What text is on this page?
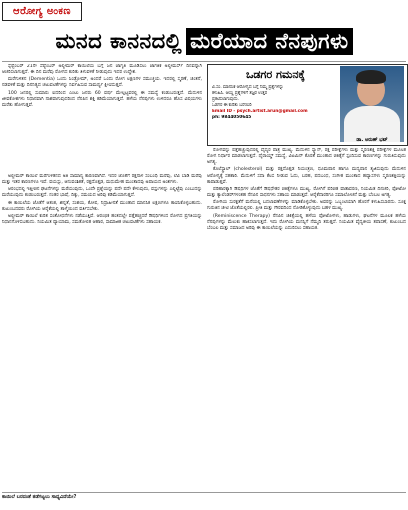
ಆರೋಗ್ಯ ಅಂಕಣ
ಮನದ ಕಾನನದಲ್ಲಿ ಮರೆಯಾದ ನೆನಪುಗಳು

ಸ್ಸೆಪ್ಟೆಂಬರ್ 21ನೇ ಸೆಪ್ಟೆಂಬರ್ ಅಲ್ಜೀಮರ್ ಕಾಯಿಲೆಯ ಬಗ್ಗೆ ಜನ ಜಾಗೃತಿ ಮೂಡಿಸಲು ಜಾಗತಿಕ ಅಲ್ಜೀಮರ್ಸ್ ದಿನವನ್ನಾಗಿ ಆಚರಿಸಲಾಗುತ್ತದೆ. ಈ ದಿನ ಮರೆವು ರೋಗದ ಕುರಿತು ತಿಳುವಳಿಕೆ ನೀಡುವುದು ಇದರ ಉದ್ದೇಶ.

ಮರೆಗುಳಿತನ (Dementia) ಒಂದು ಸಿಂಡ್ರೋಮ್, ಅಂದರೆ ಒಂದು ರೋಗ ಲಕ್ಷಣಗಳ ಸಮುಚ್ಚಯ. ಇದರಲ್ಲಿ ಸ್ಮರಣೆ, ಚಿಂತನೆ, ನಡವಳಿಕೆ ಮತ್ತು ದಿನನಿತ್ಯದ ಚಟುವಟಿಕೆಗಳನ್ನು ನಿರ್ವಹಿಸುವ ಸಾಮರ್ಥ್ಯ ಕ್ಷೀಣಿಸುತ್ತದೆ.

100 ಜನರಲ್ಲಿ ಸುಮಾರು ಐದರಿಂದ ಎಂಟು ಜನರು 60 ವರ್ಷ ಮೇಲ್ಪಟ್ಟವರಲ್ಲಿ ಈ ಸಮಸ್ಯೆ ಕಂಡುಬರುತ್ತದೆ. ಮೆದುಳಿನ ಜೀವಕೋಶಗಳು ನಿಧಾನವಾಗಿ ನಾಶವಾಗುವುದರಿಂದ ನೆನಪಿನ ಶಕ್ತಿ ಕಡಿಮೆಯಾಗುತ್ತದೆ. ಹಳೆಯ ನೆನಪುಗಳು ಉಳಿದರೂ ಹೊಸ ವಿಷಯಗಳು ಮರೆತು ಹೋಗುತ್ತವೆ.

ಅಲ್ಜೀಮರ್ ಕಾಯಿಲೆ ಮರೆಗುಳಿತನದ ಅತಿ ಸಾಮಾನ್ಯ ಕಾರಣವಾಗಿದೆ. ಇದರ ಜೊತೆಗೆ ರಕ್ತನಾಳ ಸಂಬಂಧಿ ಮರೆವು, ಲೆವಿ ಬಾಡಿ ಮರೆವು ಮತ್ತು ಇತರ ಕಾರಣಗಳೂ ಇವೆ. ವಯಸ್ಸು, ಆನುವಂಶಿಕತೆ, ರಕ್ತದೊತ್ತಡ, ಮಧುಮೇಹ ಮುಂತಾದವು ಅಪಾಯದ ಅಂಶಗಳು.

ಆರಂಭದಲ್ಲಿ ಇತ್ತೀಚಿನ ಘಟನೆಗಳನ್ನು ಮರೆಯುವುದು, ಒಂದೇ ಪ್ರಶ್ನೆಯನ್ನು ಪದೇ ಪದೇ ಕೇಳುವುದು, ವಸ್ತುಗಳನ್ನು ಎಲ್ಲಿಟ್ಟೆವು ಎಂಬುದನ್ನು ಮರೆಯುವುದು ಕಂಡುಬರುತ್ತದೆ. ನಂತರ ಭಾಷೆ, ದಿಕ್ಕು, ಸಮಯದ ಅರಿವು ಕಡಿಮೆಯಾಗುತ್ತದೆ.

ಈ ಕಾಯಿಲೆಯ ಜೊತೆಗೆ ಆತಂಕ, ಖಿನ್ನತೆ, ಸಂಶಯ, ಕೋಪ, ನಿದ್ರಾಹೀನತೆ ಮುಂತಾದ ಮಾನಸಿಕ ಲಕ್ಷಣಗಳೂ ಕಾಣಿಸಿಕೊಳ್ಳಬಹುದು. ಕುಟುಂಬದವರು ರೋಗಿಯ ಆರೈಕೆಯಲ್ಲಿ ತಾಳ್ಮೆಯಿಂದ ವರ್ತಿಸಬೇಕು.

ಅಲ್ಜೀಮರ್ ಕಾಯಿಲೆ ಕುರಿತ ಸಂಶೋಧನೆಗಳು ನಡೆಯುತ್ತಿವೆ. ಆರಂಭಿಕ ಹಂತದಲ್ಲೇ ಪತ್ತೆಹಚ್ಚಿದರೆ ಔಷಧಿಗಳಿಂದ ರೋಗದ ಪ್ರಗತಿಯನ್ನು ನಿಧಾನಗೊಳಿಸಬಹುದು. ನಿಯಮಿತ ವ್ಯಾಯಾಮ, ಸಮತೋಲಿತ ಆಹಾರ, ಸಾಮಾಜಿಕ ಚಟುವಟಿಕೆಗಳು ಸಹಾಯಕ.

ಒಡಗರ ಗಮನಕ್ಕೆ
ವಿ.ಸಂ. ಮಾನಸಿಕ ಆರೋಗ್ಯದ ಬಗ್ಗೆ ನಿಮ್ಮ ಪ್ರಶ್ನೆಗಳನ್ನು
ಕಳುಹಿಸಿ. ಆಯ್ದ ಪ್ರಶ್ನೆಗಳಿಗೆ ತಜ್ಞರ ಉತ್ತರ
ಪ್ರಕಟಿಸಲಾಗುವುದು.
ಒಡಗರ ಈ ಕುರಿತು ಬರೆಯಿರಿ
Email ID - psych.artist.arun@gmail.com
ph: 9844050645
ಡಾ. ಅರುಣ್ ಭಟ್

ರೋಗವನ್ನು ಪತ್ತೆಹಚ್ಚುವುದರಲ್ಲಿ ವೈದ್ಯರ ಪಾತ್ರ ಮುಖ್ಯ. ಮೆದುಳಿನ ಸ್ಕ್ಯಾನ್, ರಕ್ತ ಪರೀಕ್ಷೆಗಳು ಮತ್ತು ಸ್ಮರಣಶಕ್ತಿ ಪರೀಕ್ಷೆಗಳ ಮೂಲಕ ರೋಗ ನಿರ್ಧಾರ ಮಾಡಲಾಗುತ್ತದೆ. ಥೈರಾಯ್ಡ್ ಸಮಸ್ಯೆ, ವಿಟಮಿನ್ ಕೊರತೆ ಮುಂತಾದ ಚಿಕಿತ್ಸೆಗೆ ಸ್ಪಂದಿಸುವ ಕಾರಣಗಳನ್ನು ಗುರುತಿಸುವುದು ಅಗತ್ಯ.

ಕೊಲೆಸ್ಟ್ರಾಲ್ (cholesterol) ಮತ್ತು ರಕ್ತದೊತ್ತಡ ನಿಯಂತ್ರಣ, ಧೂಮಪಾನ ಹಾಗೂ ಮದ್ಯಪಾನ ತ್ಯಜಿಸುವುದು ಮೆದುಳಿನ ಆರೋಗ್ಯಕ್ಕೆ ಸಹಕಾರಿ. ಮೆದುಳಿಗೆ ಸದಾ ಕೆಲಸ ನೀಡುವ ಓದು, ಬರಹ, ಪದಬಂಧ, ಸಂಗೀತ ಮುಂತಾದ ಹವ್ಯಾಸಗಳು ಸ್ಮರಣಶಕ್ತಿಯನ್ನು ಕಾಪಾಡುತ್ತವೆ.

ಪರಿಹಾರಕ್ಕಾಗಿ ಔಷಧಿಗಳ ಜೊತೆಗೆ ಔಷಧೇತರ ಚಿಕಿತ್ಸೆಗಳೂ ಮುಖ್ಯ. ರೋಗಿಗೆ ಪರಿಚಿತ ವಾತಾವರಣ, ನಿಯಮಿತ ದಿನಚರಿ, ಫೋಟೋ ಮತ್ತು ಕ್ಯಾಲೆಂಡರ್‌ಗಳಂತಹ ನೆನಪಿನ ಸಾಧನಗಳು ಸಹಾಯ ಮಾಡುತ್ತವೆ. ಆರೈಕೆದಾರರಿಗೂ ಸಮಾಲೋಚನೆ ಮತ್ತು ಬೆಂಬಲ ಅಗತ್ಯ.

ರೋಗಿಯ ಸುರಕ್ಷತೆಗೆ ಮನೆಯಲ್ಲಿ ಬದಲಾವಣೆಗಳನ್ನು ಮಾಡಿಕೊಳ್ಳಬೇಕು. ಅವರನ್ನು ಒಬ್ಬಂಟಿಯಾಗಿ ಹೊರಗೆ ಕಳುಹಿಸಬಾರದು. ಸೂಕ್ತ ಗುರುತಿನ ಚೀಟಿ ಜೊತೆಯಲ್ಲಿರಲಿ. ಪ್ರೀತಿ ಮತ್ತು ಗೌರವದಿಂದ ನೋಡಿಕೊಳ್ಳುವುದು ಬಹಳ ಮುಖ್ಯ.

(Reminiscence Therapy) ನೆನಪಿನ ಚಿಕಿತ್ಸೆಯಲ್ಲಿ ಹಳೆಯ ಫೋಟೋಗಳು, ಹಾಡುಗಳು, ಘಟನೆಗಳ ಮೂಲಕ ಹಳೆಯ ನೆನಪುಗಳನ್ನು ಮೆಲುಕು ಹಾಕಿಸಲಾಗುತ್ತದೆ. ಇದು ರೋಗಿಯ ಮನಸ್ಸಿಗೆ ನೆಮ್ಮದಿ ತರುತ್ತದೆ. ನಿಯಮಿತ ವೈದ್ಯಕೀಯ ತಪಾಸಣೆ, ಕುಟುಂಬದ ಬೆಂಬಲ ಮತ್ತು ಸಮಾಜದ ಅರಿವು ಈ ಕಾಯಿಲೆಯನ್ನು ಎದುರಿಸಲು ಸಹಾಯಕ.

ಕಾಯಿಲೆ ಬರದಂತೆ ತಡೆಗಟ್ಟಲು ಸಾಧ್ಯವಿದೆಯೇ?
